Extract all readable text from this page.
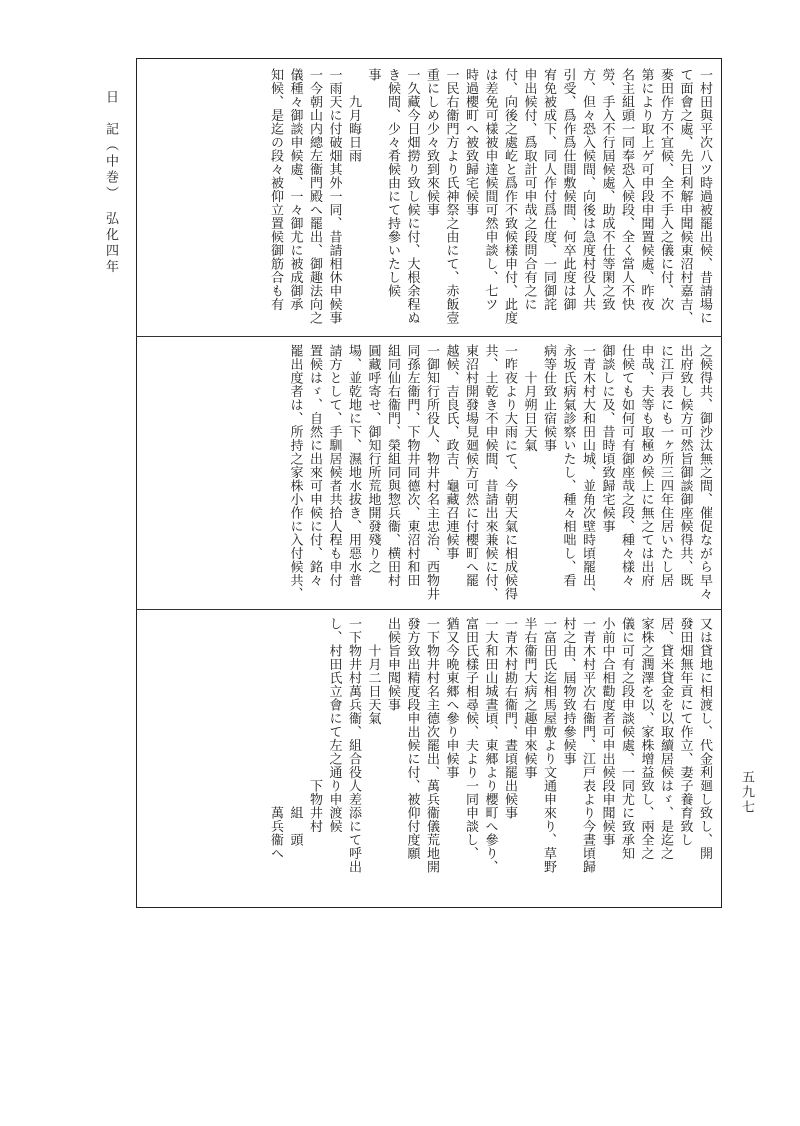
日　記（中巻）　弘化四年
五九七
一村田與平次八ツ時過被罷出候、昔請場に
て面會之處、先日利解申聞候東沼村嘉吉、
麥田作方不宜候、全不手入之儀に付、次
第により取上ゲ可申段申聞置候處、昨夜
名主組頭一同奉恐入候段、全く當人不快
勞、手入不行屆候處、助成不仕等閑之致
方、但々恐入候間、向後は急度村役人共
引受、爲作爲仕間敷候間、何卒此度は御
宥免被成下、同人作付爲仕度、一同御詫
申出候付、爲取計可申哉之段問合有之に
付、向後之處屹と爲作不致候樣申付、此度
は差免可樣被申達候間可然申談し、七ツ
時過櫻町へ被致歸宅候事
一民右衞門方より氏神祭之由にて、赤飯壹
重にしめ少々致到來候事
一久藏今日畑撈り致し候に付、大根余程ぬ
き候間、少々肴候由にて持參いたし候
事
　　九月晦日雨
一雨天に付破畑其外一同、昔請相休申候事
一今朝山内總左衞門殿へ罷出、御趣法向之
儀種々御談申候處、一々御尤に被成御承
知候、是迄の段々被仰立置候御筋合も有
之候得共、御沙汰無之間、催促ながら早々
出府致し候方可然旨御談御座候得共、既
に江戸表にも一ヶ所三四年住居いたし居
申哉、夫等も取極め候上に無之ては出府
仕候ても如何可有御座哉之段、種々樣々
御談しに及、昔時頃致歸宅候事
一青木村大和田山城、並角次壁時頃罷出、
永坂氏病氣診察いたし、種々相咄し、看
病等仕致止宿候事
　　十月朔日天氣
一昨夜より大雨にて、今朝天氣に相成候得
共、土乾き不申候間、昔請出來兼候に付、
東沼村開發場見廻候方可然に付櫻町へ罷
越候、吉良氏、政吉、龜藏召連候事
一御知行所役人、物井村名主忠治、西物井
同孫左衞門、下物井同德次、東沼村和田
組同仙右衞門、榮組同與惣兵衞、横田村
圓藏呼寄せ、御知行所荒地開發殘り之
場、並乾地に下、濕地水拔き、用惡水普
請方として、手馴居候者共拾人程も申付
置候はゞ、自然に出來可申候に付、銘々
罷出度者は、所持之家株小作に入付候共、
又は貸地に相渡し、代金利廻し致し、開
發田畑無年貢にて作立、妻子養育致し
居、貸米貸金を以取續居候はゞ、是迄之
家株之潤澤を以、家株增益致し、兩全之
儀に可有之段申談候處、一同尤に致承知
小前中合相勸度者可申出候段申聞候事
一青木村平次右衞門、江戸表より今晝頃歸
村之由、屆物致持參候事
一富田氏迄相馬屋敷より文通申來り、草野
半右衞門大病之趣申來候事
一青木村勘右衞門、晝頃罷出候事
一大和田山城晝頃、東郷より櫻町へ參り、
富田氏樣子相尋候、夫より一同申談し、
猶又今晩東郷へ參り申候事
一下物井村名主德次罷出、萬兵衞儀荒地開
發方致出精度段申出候に付、被仰付度願
出候旨申聞候事
　　十月二日天氣
一下物井村萬兵衞、組合役人差添にて呼出
し、村田氏立會にて左之通り申渡候
　　　　　　　　　　　　下物井村
　　　　　　　　　　　　　　組　頭
　　　　　　　　　　　　　　萬兵衞へ
